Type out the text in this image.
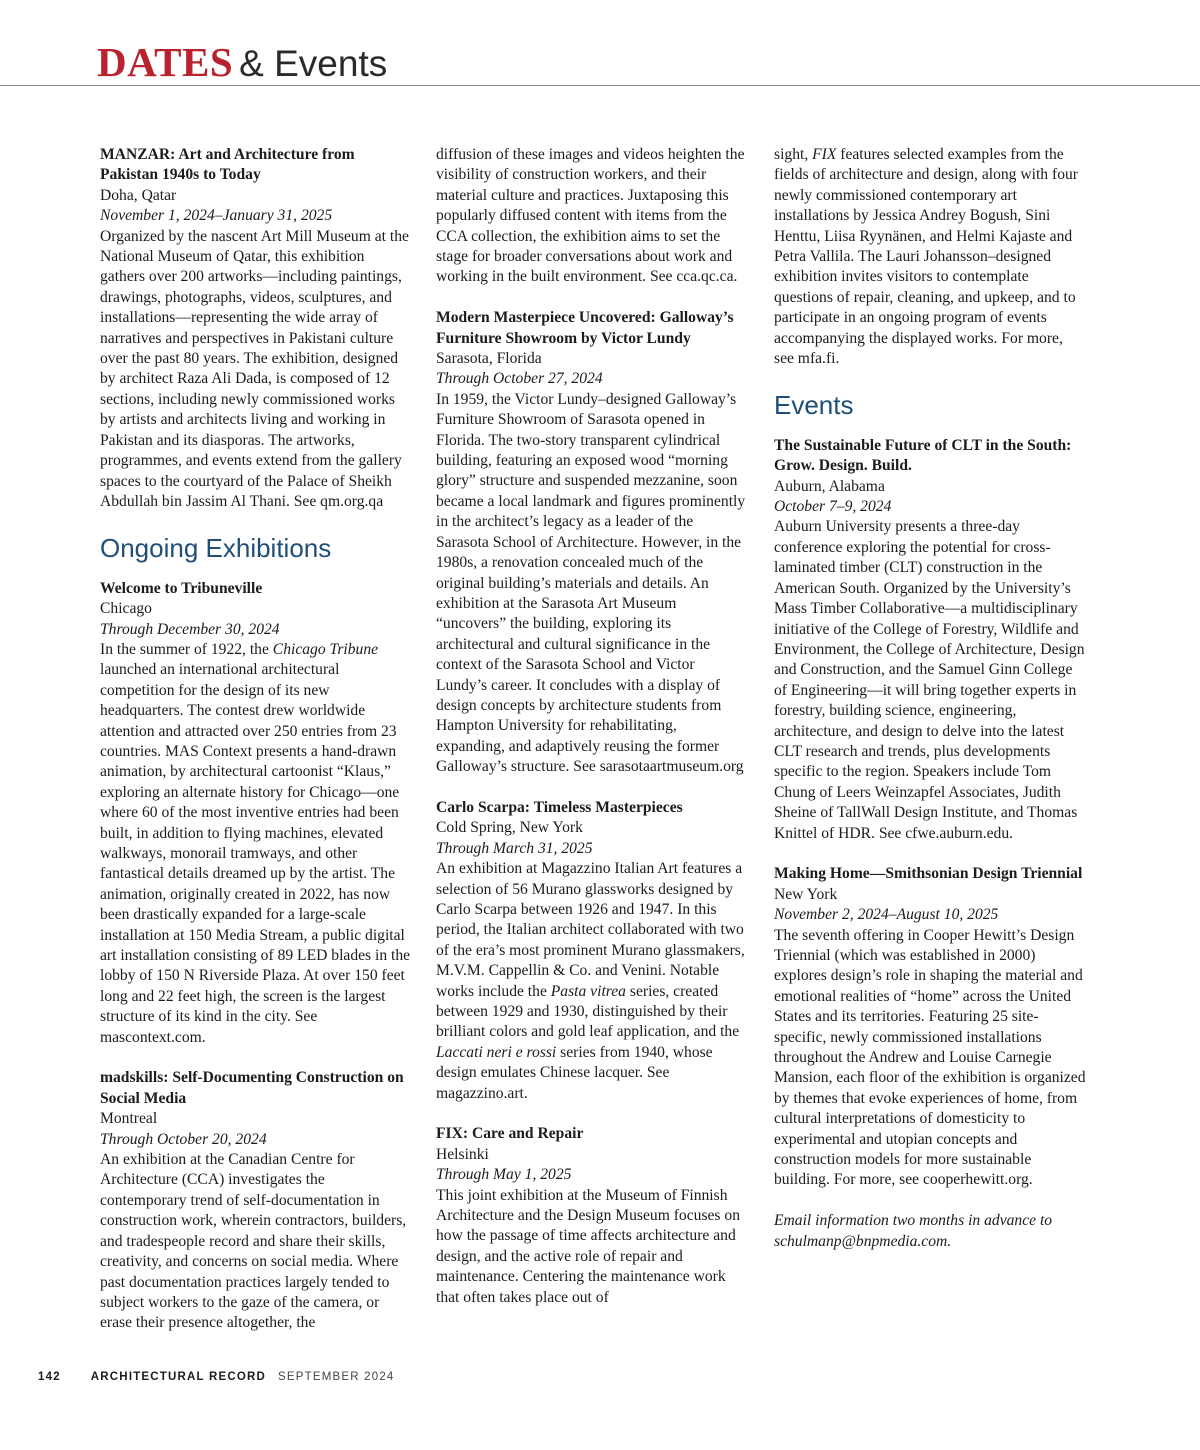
DATES & Events

MANZAR: Art and Architecture from Pakistan 1940s to Today

Doha, Qatar

November 1, 2024–January 31, 2025

Organized by the nascent Art Mill Museum at the National Museum of Qatar, this exhibition gathers over 200 artworks—including paintings, drawings, photographs, videos, sculptures, and installations—representing the wide array of narratives and perspectives in Pakistani culture over the past 80 years. The exhibition, designed by architect Raza Ali Dada, is composed of 12 sections, including newly commissioned works by artists and architects living and working in Pakistan and its diasporas. The artworks, programmes, and events extend from the gallery spaces to the courtyard of the Palace of Sheikh Abdullah bin Jassim Al Thani. See qm.org.qa

Ongoing Exhibitions

Welcome to Tribuneville

Chicago

Through December 30, 2024

In the summer of 1922, the Chicago Tribune launched an international architectural competition for the design of its new headquarters. The contest drew worldwide attention and attracted over 250 entries from 23 countries. MAS Context presents a hand-drawn animation, by architectural cartoonist “Klaus,” exploring an alternate history for Chicago—one where 60 of the most inventive entries had been built, in addition to flying machines, elevated walkways, monorail tramways, and other fantastical details dreamed up by the artist. The animation, originally created in 2022, has now been drastically expanded for a large-scale installation at 150 Media Stream, a public digital art installation consisting of 89 LED blades in the lobby of 150 N Riverside Plaza. At over 150 feet long and 22 feet high, the screen is the largest structure of its kind in the city. See mascontext.com.

madskills: Self-Documenting Construction on Social Media

Montreal

Through October 20, 2024

An exhibition at the Canadian Centre for Architecture (CCA) investigates the contemporary trend of self-documentation in construction work, wherein contractors, builders, and tradespeople record and share their skills, creativity, and concerns on social media. Where past documentation practices largely tended to subject workers to the gaze of the camera, or erase their presence altogether, the

diffusion of these images and videos heighten the visibility of construction workers, and their material culture and practices. Juxtaposing this popularly diffused content with items from the CCA collection, the exhibition aims to set the stage for broader conversations about work and working in the built environment. See cca.qc.ca.

Modern Masterpiece Uncovered: Galloway’s Furniture Showroom by Victor Lundy

Sarasota, Florida

Through October 27, 2024

In 1959, the Victor Lundy–designed Galloway’s Furniture Showroom of Sarasota opened in Florida. The two-story transparent cylindrical building, featuring an exposed wood “morning glory” structure and suspended mezzanine, soon became a local landmark and figures prominently in the architect’s legacy as a leader of the Sarasota School of Architecture. However, in the 1980s, a renovation concealed much of the original building’s materials and details. An exhibition at the Sarasota Art Museum “uncovers” the building, exploring its architectural and cultural significance in the context of the Sarasota School and Victor Lundy’s career. It concludes with a display of design concepts by architecture students from Hampton University for rehabilitating, expanding, and adaptively reusing the former Galloway’s structure. See sarasotaartmuseum.org

Carlo Scarpa: Timeless Masterpieces

Cold Spring, New York

Through March 31, 2025

An exhibition at Magazzino Italian Art features a selection of 56 Murano glassworks designed by Carlo Scarpa between 1926 and 1947. In this period, the Italian architect collaborated with two of the era’s most prominent Murano glassmakers, M.V.M. Cappellin & Co. and Venini. Notable works include the Pasta vitrea series, created between 1929 and 1930, distinguished by their brilliant colors and gold leaf application, and the Laccati neri e rossi series from 1940, whose design emulates Chinese lacquer. See magazzino.art.

FIX: Care and Repair

Helsinki

Through May 1, 2025

This joint exhibition at the Museum of Finnish Architecture and the Design Museum focuses on how the passage of time affects architecture and design, and the active role of repair and maintenance. Centering the maintenance work that often takes place out of

sight, FIX features selected examples from the fields of architecture and design, along with four newly commissioned contemporary art installations by Jessica Andrey Bogush, Sini Henttu, Liisa Ryynänen, and Helmi Kajaste and Petra Vallila. The Lauri Johansson–designed exhibition invites visitors to contemplate questions of repair, cleaning, and upkeep, and to participate in an ongoing program of events accompanying the displayed works. For more, see mfa.fi.

Events

The Sustainable Future of CLT in the South: Grow. Design. Build.

Auburn, Alabama

October 7–9, 2024

Auburn University presents a three-day conference exploring the potential for cross-laminated timber (CLT) construction in the American South. Organized by the University’s Mass Timber Collaborative—a multidisciplinary initiative of the College of Forestry, Wildlife and Environment, the College of Architecture, Design and Construction, and the Samuel Ginn College of Engineering—it will bring together experts in forestry, building science, engineering, architecture, and design to delve into the latest CLT research and trends, plus developments specific to the region. Speakers include Tom Chung of Leers Weinzapfel Associates, Judith Sheine of TallWall Design Institute, and Thomas Knittel of HDR. See cfwe.auburn.edu.

Making Home—Smithsonian Design Triennial

New York

November 2, 2024–August 10, 2025

The seventh offering in Cooper Hewitt’s Design Triennial (which was established in 2000) explores design’s role in shaping the material and emotional realities of “home” across the United States and its territories. Featuring 25 site-specific, newly commissioned installations throughout the Andrew and Louise Carnegie Mansion, each floor of the exhibition is organized by themes that evoke experiences of home, from cultural interpretations of domesticity to experimental and utopian concepts and construction models for more sustainable building. For more, see cooperhewitt.org.

Email information two months in advance to schulmanp@bnpmedia.com.

142	ARCHITECTURAL RECORD SEPTEMBER 2024
